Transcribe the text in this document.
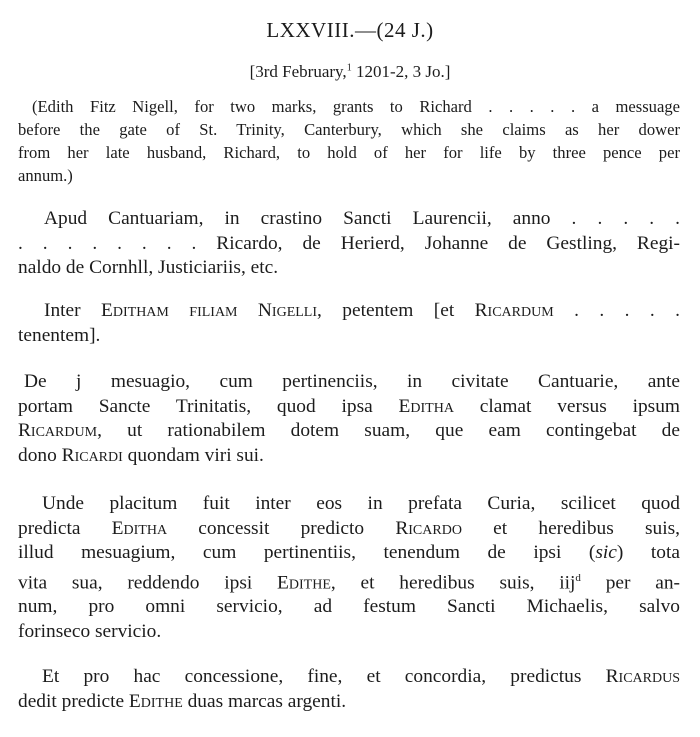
LXXVIII.—(24 J.)
[3rd February,$^1$ 1201-2, 3 Jo.]
(Edith Fitz Nigell, for two marks, grants to Richard . . . . . a messuage
before the gate of St. Trinity, Canterbury, which she claims as her dower
from her late husband, Richard, to hold of her for life by three pence per
annum.)
Apud Cantuariam, in crastino Sancti Laurencii, anno . . . . .
. . . . . . . . Ricardo, de Herierd, Johanne de Gestling, Regi-
naldo de Cornhll, Justiciariis, etc.
Inter Editham filiam Nigelli, petentem [et Ricardum . . . . .
tenentem].
De j mesuagio, cum pertinenciis, in civitate Cantuarie, ante
portam Sancte Trinitatis, quod ipsa Editha clamat versus ipsum
Ricardum, ut rationabilem dotem suam, que eam contingebat de
dono Ricardi quondam viri sui.
Unde placitum fuit inter eos in prefata Curia, scilicet quod
predicta Editha concessit predicto Ricardo et heredibus suis,
illud mesuagium, cum pertinentiis, tenendum de ipsi (sic) tota
vita sua, reddendo ipsi Edithe, et heredibus suis, iij$^d$ per an-
num, pro omni servicio, ad festum Sancti Michaelis, salvo
forinseco servicio.
Et pro hac concessione, fine, et concordia, predictus Ricardus
dedit predicte Edithe duas marcas argenti.
